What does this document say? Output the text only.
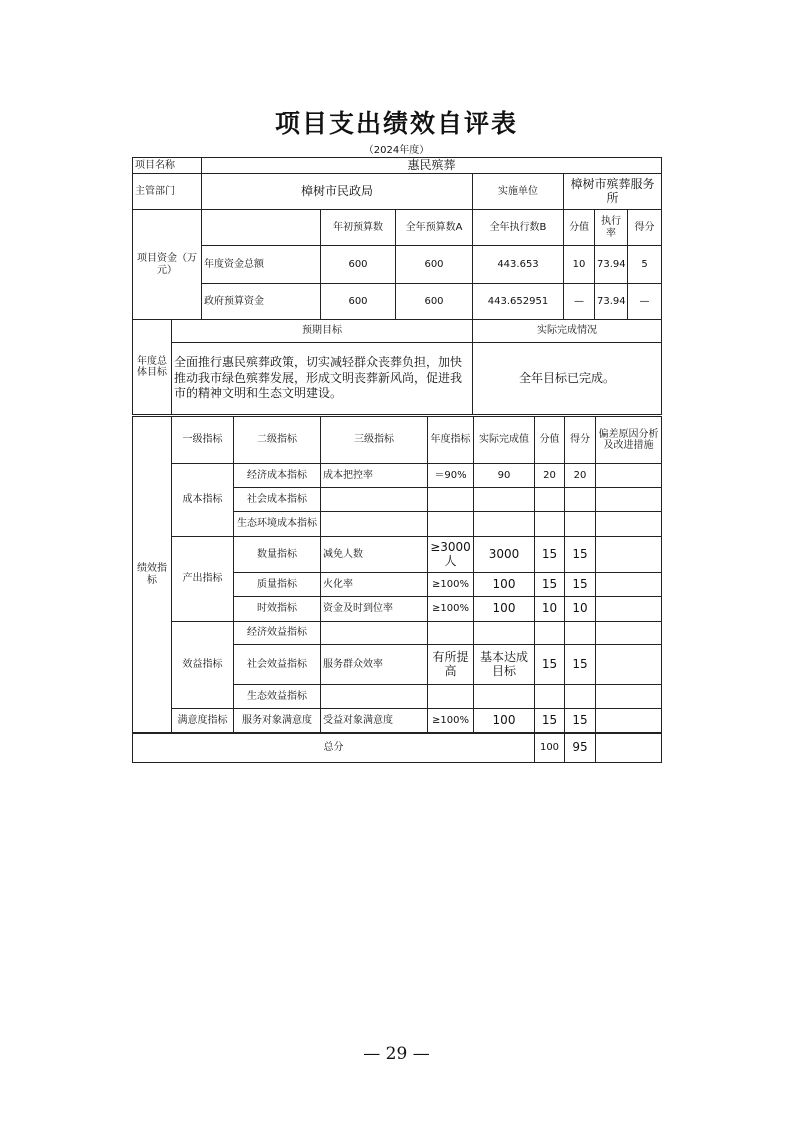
项目支出绩效自评表
（2024年度）
项目名称		惠民殡葬						
主管部门		樟树市民政局			实施单位	樟树市殡葬服务所		
项目资金（万元）			年初预算数	全年预算数A	全年执行数B	分值	执行率	得分
		年度资金总额	600	600	443.653	10	73.94	5
		政府预算资金	600	600	443.652951	—	73.94	—
年度总体目标	预期目标				实际完成情况			
	全面推行惠民殡葬政策，切实减轻群众丧葬负担，加快推动我市绿色殡葬发展，形成文明丧葬新风尚，促进我市的精神文明和生态文明建设。				全年目标已完成。			
绩效指标	一级指标	二级指标	三级指标	年度指标	实际完成值	分值	得分	偏差原因分析及改进措施
	成本指标	经济成本指标	成本把控率	＝90%	90	20	20	
		社会成本指标						
		生态环境成本指标						
	产出指标	数量指标	减免人数	≥3000人	3000	15	15	
		质量指标	火化率	≥100%	100	15	15	
		时效指标	资金及时到位率	≥100%	100	10	10	
	效益指标	经济效益指标						
		社会效益指标	服务群众效率	有所提高	基本达成目标	15	15	
		生态效益指标						
	满意度指标	服务对象满意度	受益对象满意度	≥100%	100	15	15	
总分	100	95	
— 29 —
